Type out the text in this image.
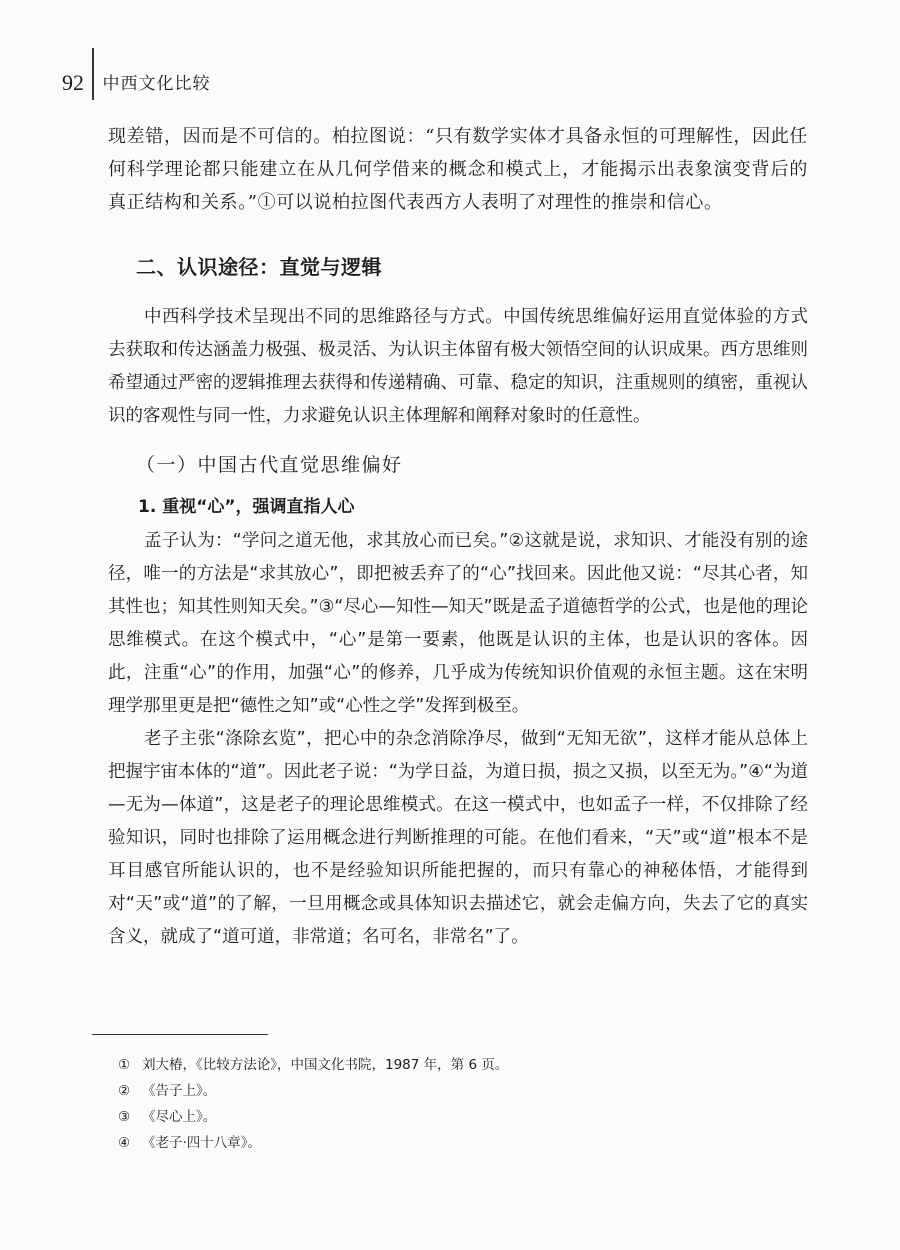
92 中西文化比较

现差错，因而是不可信的。柏拉图说：“只有数学实体才具备永恒的可理解性，因此任何科学理论都只能建立在从几何学借来的概念和模式上，才能揭示出表象演变背后的真正结构和关系。”①可以说柏拉图代表西方人表明了对理性的推崇和信心。

二、认识途径：直觉与逻辑

中西科学技术呈现出不同的思维路径与方式。中国传统思维偏好运用直觉体验的方式去获取和传达涵盖力极强、极灵活、为认识主体留有极大领悟空间的认识成果。西方思维则希望通过严密的逻辑推理去获得和传递精确、可靠、稳定的知识，注重规则的缜密，重视认识的客观性与同一性，力求避免认识主体理解和阐释对象时的任意性。

（一）中国古代直觉思维偏好
1. 重视“心”，强调直指人心

孟子认为：“学问之道无他，求其放心而已矣。”②这就是说，求知识、才能没有别的途径，唯一的方法是“求其放心”，即把被丢弃了的“心”找回来。因此他又说：“尽其心者，知其性也；知其性则知天矣。”③“尽心—知性—知天”既是孟子道德哲学的公式，也是他的理论思维模式。在这个模式中，“心”是第一要素，他既是认识的主体，也是认识的客体。因此，注重“心”的作用，加强“心”的修养，几乎成为传统知识价值观的永恒主题。这在宋明理学那里更是把“德性之知”或“心性之学”发挥到极至。

老子主张“涤除玄览”，把心中的杂念消除净尽，做到“无知无欲”，这样才能从总体上把握宇宙本体的“道”。因此老子说：“为学日益，为道日损，损之又损，以至无为。”④“为道—无为—体道”，这是老子的理论思维模式。在这一模式中，也如孟子一样，不仅排除了经验知识，同时也排除了运用概念进行判断推理的可能。在他们看来，“天”或“道”根本不是耳目感官所能认识的，也不是经验知识所能把握的，而只有靠心的神秘体悟，才能得到对“天”或“道”的了解，一旦用概念或具体知识去描述它，就会走偏方向，失去了它的真实含义，就成了“道可道，非常道；名可名，非常名”了。

① 刘大椿，《比较方法论》，中国文化书院，1987 年，第 6 页。
② 《告子上》。
③ 《尽心上》。
④ 《老子·四十八章》。
